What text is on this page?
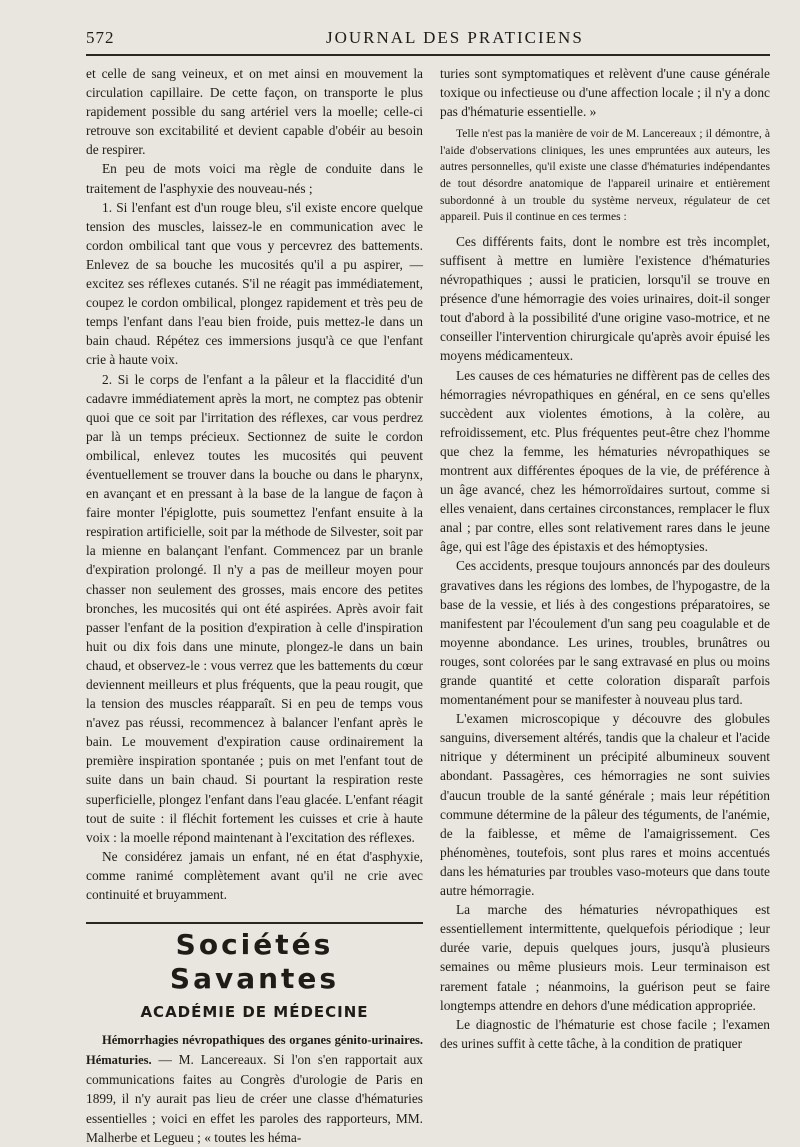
572	JOURNAL DES PRATICIENS

et celle de sang veineux, et on met ainsi en mouvement la circulation capillaire. De cette façon, on transporte le plus rapidement possible du sang artériel vers la moelle; celle-ci retrouve son excitabilité et devient capable d'obéir au besoin de respirer.

En peu de mots voici ma règle de conduite dans le traitement de l'asphyxie des nouveau-nés ;

1. Si l'enfant est d'un rouge bleu, s'il existe encore quelque tension des muscles, laissez-le en communication avec le cordon ombilical tant que vous y percevrez des battements. Enlevez de sa bouche les mucosités qu'il a pu aspirer, — excitez ses réflexes cutanés. S'il ne réagit pas immédiatement, coupez le cordon ombilical, plongez rapidement et très peu de temps l'enfant dans l'eau bien froide, puis mettez-le dans un bain chaud. Répétez ces immersions jusqu'à ce que l'enfant crie à haute voix.

2. Si le corps de l'enfant a la pâleur et la flaccidité d'un cadavre immédiatement après la mort, ne comptez pas obtenir quoi que ce soit par l'irritation des réflexes, car vous perdrez par là un temps précieux. Sectionnez de suite le cordon ombilical, enlevez toutes les mucosités qui peuvent éventuellement se trouver dans la bouche ou dans le pharynx, en avançant et en pressant à la base de la langue de façon à faire monter l'épiglotte, puis soumettez l'enfant ensuite à la respiration artificielle, soit par la méthode de Silvester, soit par la mienne en balançant l'enfant. Commencez par un branle d'expiration prolongé. Il n'y a pas de meilleur moyen pour chasser non seulement des grosses, mais encore des petites bronches, les mucosités qui ont été aspirées. Après avoir fait passer l'enfant de la position d'expiration à celle d'inspiration huit ou dix fois dans une minute, plongez-le dans un bain chaud, et observez-le : vous verrez que les battements du cœur deviennent meilleurs et plus fréquents, que la peau rougit, que la tension des muscles réapparaît. Si en peu de temps vous n'avez pas réussi, recommencez à balancer l'enfant après le bain. Le mouvement d'expiration cause ordinairement la première inspiration spontanée ; puis on met l'enfant tout de suite dans un bain chaud. Si pourtant la respiration reste superficielle, plongez l'enfant dans l'eau glacée. L'enfant réagit tout de suite : il fléchit fortement les cuisses et crie à haute voix : la moelle répond maintenant à l'excitation des réflexes.

Ne considérez jamais un enfant, né en état d'asphyxie, comme ranimé complètement avant qu'il ne crie avec continuité et bruyamment.

Sociétés Savantes
ACADÉMIE DE MÉDECINE

Hémorrhagies névropathiques des organes génito-urinaires. Hématuries. — M. Lancereaux. Si l'on s'en rapportait aux communications faites au Congrès d'urologie de Paris en 1899, il n'y aurait pas lieu de créer une classe d'hématuries essentielles ; voici en effet les paroles des rapporteurs, MM. Malherbe et Legueu ; « toutes les héma-

turies sont symptomatiques et relèvent d'une cause générale toxique ou infectieuse ou d'une affection locale ; il n'y a donc pas d'hématurie essentielle. »

Telle n'est pas la manière de voir de M. Lancereaux ; il démontre, à l'aide d'observations cliniques, les unes empruntées aux auteurs, les autres personnelles, qu'il existe une classe d'hématuries indépendantes de tout désordre anatomique de l'appareil urinaire et entièrement subordonné à un trouble du système nerveux, régulateur de cet appareil. Puis il continue en ces termes :

Ces différents faits, dont le nombre est très incomplet, suffisent à mettre en lumière l'existence d'hématuries névropathiques ; aussi le praticien, lorsqu'il se trouve en présence d'une hémorragie des voies urinaires, doit-il songer tout d'abord à la possibilité d'une origine vaso-motrice, et ne conseiller l'intervention chirurgicale qu'après avoir épuisé les moyens médicamenteux.

Les causes de ces hématuries ne diffèrent pas de celles des hémorragies névropathiques en général, en ce sens qu'elles succèdent aux violentes émotions, à la colère, au refroidissement, etc. Plus fréquentes peut-être chez l'homme que chez la femme, les hématuries névropathiques se montrent aux différentes époques de la vie, de préférence à un âge avancé, chez les hémorroïdaires surtout, comme si elles venaient, dans certaines circonstances, remplacer le flux anal ; par contre, elles sont relativement rares dans le jeune âge, qui est l'âge des épistaxis et des hémoptysies.

Ces accidents, presque toujours annoncés par des douleurs gravatives dans les régions des lombes, de l'hypogastre, de la base de la vessie, et liés à des congestions préparatoires, se manifestent par l'écoulement d'un sang peu coagulable et de moyenne abondance. Les urines, troubles, brunâtres ou rouges, sont colorées par le sang extravasé en plus ou moins grande quantité et cette coloration disparaît parfois momentanément pour se manifester à nouveau plus tard.

L'examen microscopique y découvre des globules sanguins, diversement altérés, tandis que la chaleur et l'acide nitrique y déterminent un précipité albumineux souvent abondant. Passagères, ces hémorragies ne sont suivies d'aucun trouble de la santé générale ; mais leur répétition commune détermine de la pâleur des téguments, de l'anémie, de la faiblesse, et même de l'amaigrissement. Ces phénomènes, toutefois, sont plus rares et moins accentués dans les hématuries par troubles vaso-moteurs que dans toute autre hémorragie.

La marche des hématuries névropathiques est essentiellement intermittente, quelquefois périodique ; leur durée varie, depuis quelques jours, jusqu'à plusieurs semaines ou même plusieurs mois. Leur terminaison est rarement fatale ; néanmoins, la guérison peut se faire longtemps attendre en dehors d'une médication appropriée.

Le diagnostic de l'hématurie est chose facile ; l'examen des urines suffit à cette tâche, à la condition de pratiquer
